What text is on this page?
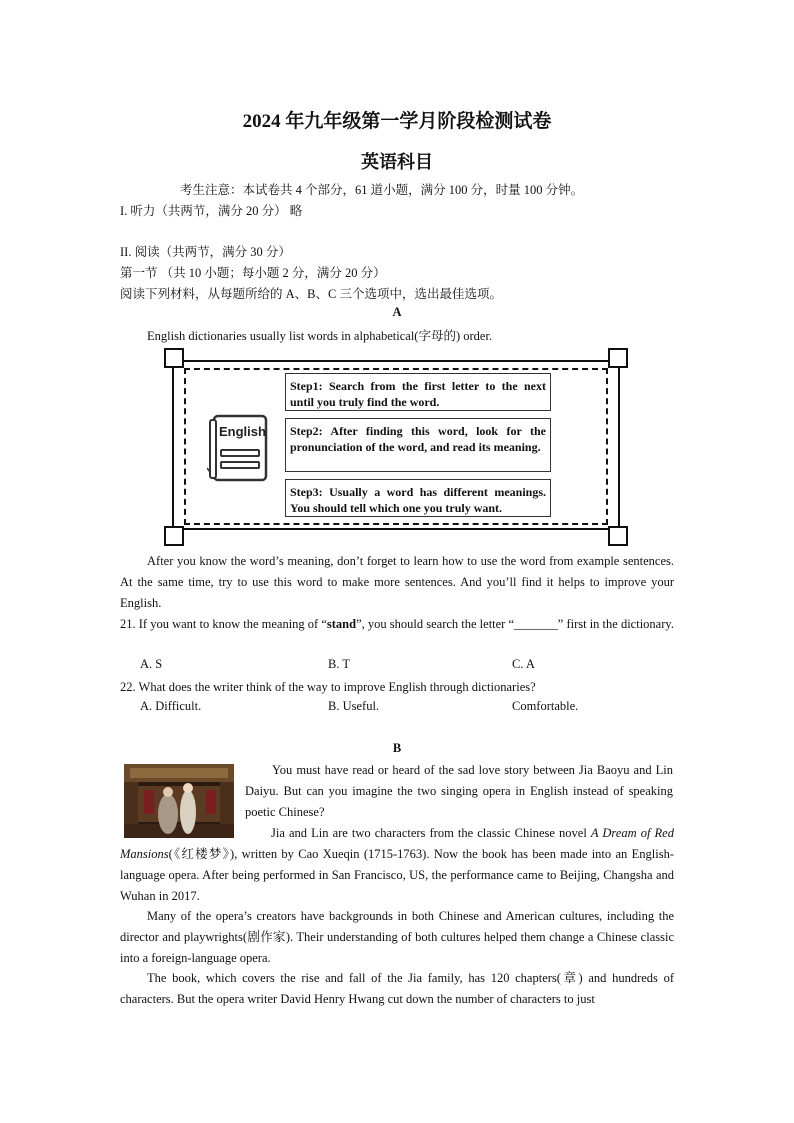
2024 年九年级第一学月阶段检测试卷
英语科目
考生注意：本试卷共 4 个部分，61 道小题，满分 100 分，时量 100 分钟。
I. 听力（共两节，满分 20 分） 略
II. 阅读（共两节，满分 30 分）
第一节 （共 10 小题；每小题 2 分，满分 20 分）
阅读下列材料，从每题所给的 A、B、C 三个选项中，选出最佳选项。
A
English dictionaries usually list words in alphabetical(字母的) order.
English
Step1: Search from the first letter to the next until you truly find the word.
Step2: After finding this word, look for the pronunciation of the word, and read its meaning.
Step3: Usually a word has different meanings. You should tell which one you truly want.
After you know the word’s meaning, don’t forget to learn how to use the word from example sentences. At the same time, try to use this word to make more sentences. And you’ll find it helps to improve your English.
21. If you want to know the meaning of “stand”, you should search the letter “_______” first in the dictionary.
A. S	B. T	C. A
22. What does the writer think of the way to improve English through dictionaries?
A. Difficult.	B. Useful.	Comfortable.
B
You must have read or heard of the sad love story between Jia Baoyu and Lin Daiyu. But can you imagine the two singing opera in English instead of speaking poetic Chinese?
Jia and Lin are two characters from the classic Chinese novel A Dream of Red Mansions(《红楼梦》), written by Cao Xueqin (1715-1763). Now the book has been made into an English-language opera. After being performed in San Francisco, US, the performance came to Beijing, Changsha and Wuhan in 2017.
Many of the opera’s creators have backgrounds in both Chinese and American cultures, including the director and playwrights(剧作家). Their understanding of both cultures helped them change a Chinese classic into a foreign-language opera.
The book, which covers the rise and fall of the Jia family, has 120 chapters(章) and hundreds of characters. But the opera writer David Henry Hwang cut down the number of characters to just
